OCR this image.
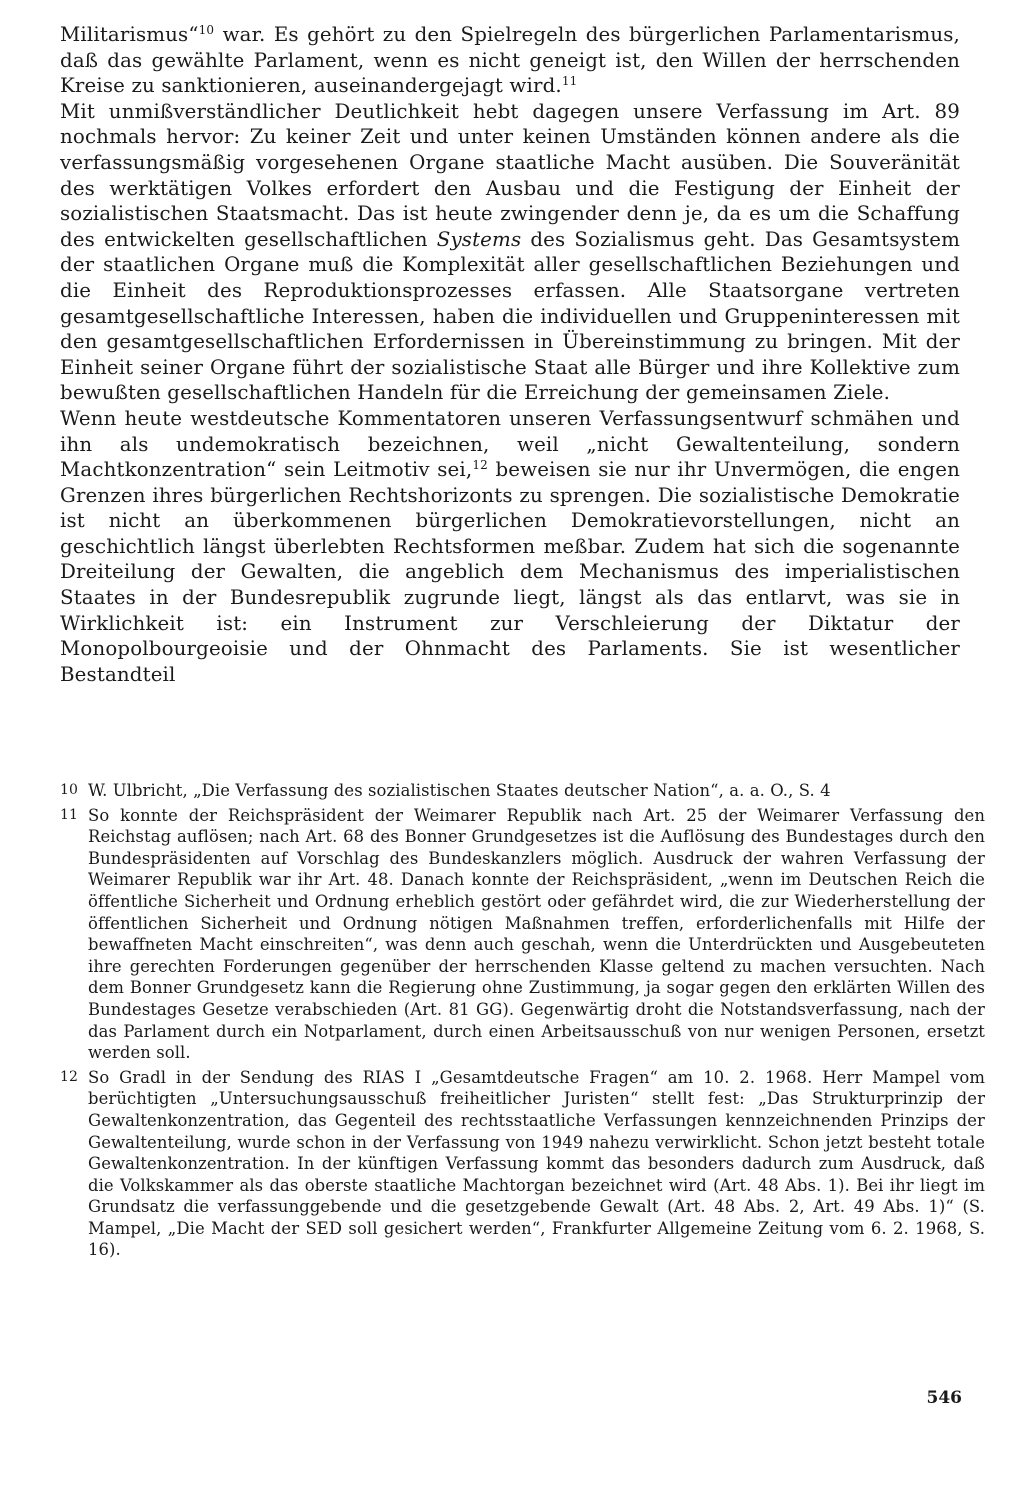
Militarismus“$^{10}$ war. Es gehört zu den Spielregeln des bürgerlichen Parlamentarismus, daß das gewählte Parlament, wenn es nicht geneigt ist, den Willen der herrschenden Kreise zu sanktionieren, auseinandergejagt wird.$^{11}$

Mit unmißverständlicher Deutlichkeit hebt dagegen unsere Verfassung im Art. 89 nochmals hervor: Zu keiner Zeit und unter keinen Umständen können andere als die verfassungsmäßig vorgesehenen Organe staatliche Macht ausüben. Die Souveränität des werktätigen Volkes erfordert den Ausbau und die Festigung der Einheit der sozialistischen Staatsmacht. Das ist heute zwingender denn je, da es um die Schaffung des entwickelten gesellschaftlichen Systems des Sozialismus geht. Das Gesamtsystem der staatlichen Organe muß die Komplexität aller gesellschaftlichen Beziehungen und die Einheit des Reproduktionsprozesses erfassen. Alle Staatsorgane vertreten gesamtgesellschaftliche Interessen, haben die individuellen und Gruppeninteressen mit den gesamtgesellschaftlichen Erfordernissen in Übereinstimmung zu bringen. Mit der Einheit seiner Organe führt der sozialistische Staat alle Bürger und ihre Kollektive zum bewußten gesellschaftlichen Handeln für die Erreichung der gemeinsamen Ziele.

Wenn heute westdeutsche Kommentatoren unseren Verfassungsentwurf schmähen und ihn als undemokratisch bezeichnen, weil „nicht Gewaltenteilung, sondern Machtkonzentration“ sein Leitmotiv sei,$^{12}$ beweisen sie nur ihr Unvermögen, die engen Grenzen ihres bürgerlichen Rechtshorizonts zu sprengen. Die sozialistische Demokratie ist nicht an überkommenen bürgerlichen Demokratievorstellungen, nicht an geschichtlich längst überlebten Rechtsformen meßbar. Zudem hat sich die sogenannte Dreiteilung der Gewalten, die angeblich dem Mechanismus des imperialistischen Staates in der Bundesrepublik zugrunde liegt, längst als das entlarvt, was sie in Wirklichkeit ist: ein Instrument zur Verschleierung der Diktatur der Monopolbourgeoisie und der Ohnmacht des Parlaments. Sie ist wesentlicher Bestandteil

10 W. Ulbricht, „Die Verfassung des sozialistischen Staates deutscher Nation“, a. a. O., S. 4
11 So konnte der Reichspräsident der Weimarer Republik nach Art. 25 der Weimarer Verfassung den Reichstag auflösen; nach Art. 68 des Bonner Grundgesetzes ist die Auflösung des Bundestages durch den Bundespräsidenten auf Vorschlag des Bundeskanzlers möglich. Ausdruck der wahren Verfassung der Weimarer Republik war ihr Art. 48. Danach konnte der Reichspräsident, „wenn im Deutschen Reich die öffentliche Sicherheit und Ordnung erheblich gestört oder gefährdet wird, die zur Wiederherstellung der öffentlichen Sicherheit und Ordnung nötigen Maßnahmen treffen, erforderlichenfalls mit Hilfe der bewaffneten Macht einschreiten“, was denn auch geschah, wenn die Unterdrückten und Ausgebeuteten ihre gerechten Forderungen gegenüber der herrschenden Klasse geltend zu machen versuchten. Nach dem Bonner Grundgesetz kann die Regierung ohne Zustimmung, ja sogar gegen den erklärten Willen des Bundestages Gesetze verabschieden (Art. 81 GG). Gegenwärtig droht die Notstandsverfassung, nach der das Parlament durch ein Notparlament, durch einen Arbeitsausschuß von nur wenigen Personen, ersetzt werden soll.
12 So Gradl in der Sendung des RIAS I „Gesamtdeutsche Fragen“ am 10. 2. 1968. Herr Mampel vom berüchtigten „Untersuchungsausschuß freiheitlicher Juristen“ stellt fest: „Das Strukturprinzip der Gewaltenkonzentration, das Gegenteil des rechtsstaatliche Verfassungen kennzeichnenden Prinzips der Gewaltenteilung, wurde schon in der Verfassung von 1949 nahezu verwirklicht. Schon jetzt besteht totale Gewaltenkonzentration. In der künftigen Verfassung kommt das besonders dadurch zum Ausdruck, daß die Volkskammer als das oberste staatliche Machtorgan bezeichnet wird (Art. 48 Abs. 1). Bei ihr liegt im Grundsatz die verfassunggebende und die gesetzgebende Gewalt (Art. 48 Abs. 2, Art. 49 Abs. 1)“ (S. Mampel, „Die Macht der SED soll gesichert werden“, Frankfurter Allgemeine Zeitung vom 6. 2. 1968, S. 16).
546
